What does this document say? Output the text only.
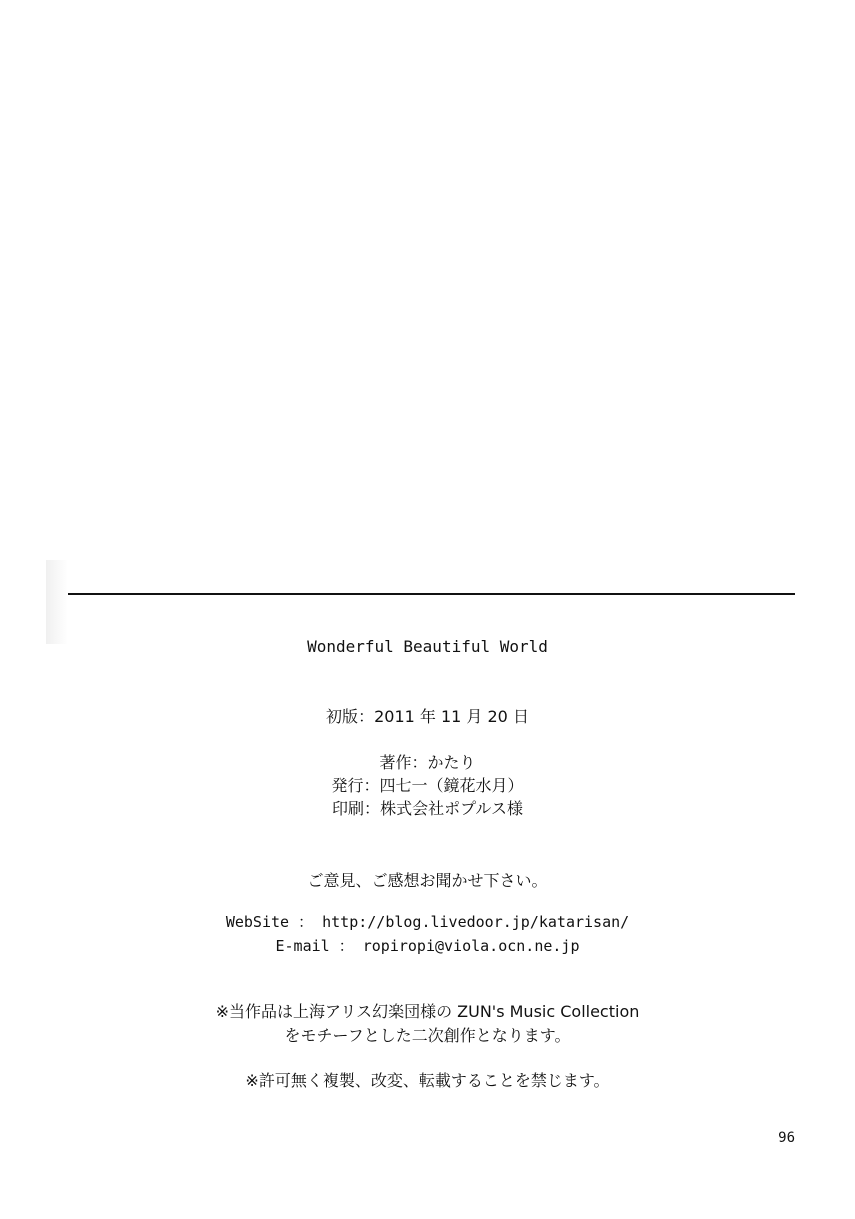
Wonderful Beautiful World
初版：2011 年 11 月 20 日
著作：かたり
発行：四七一（鏡花水月）
印刷：株式会社ポプルス様
ご意見、ご感想お聞かせ下さい。
WebSite ： http://blog.livedoor.jp/katarisan/
E-mail ： ropiropi@viola.ocn.ne.jp
※当作品は上海アリス幻楽団様の ZUN's Music Collection
をモチーフとした二次創作となります。
※許可無く複製、改変、転載することを禁じます。
96
